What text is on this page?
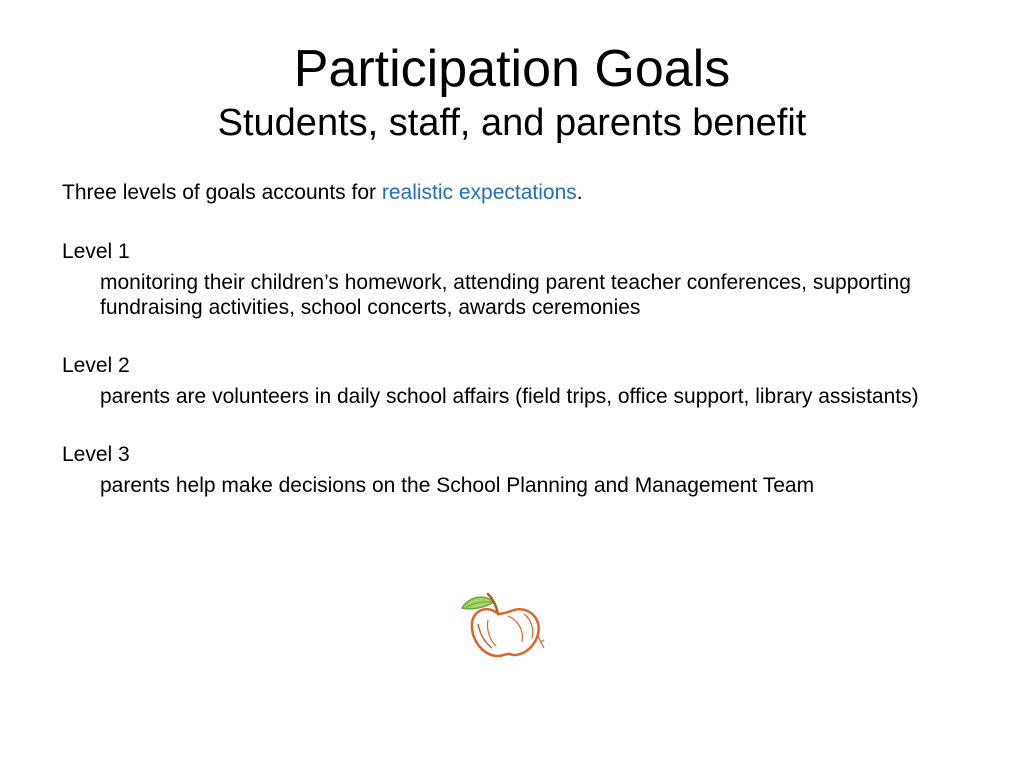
Participation Goals
Students, staff, and parents benefit

Three levels of goals accounts for realistic expectations.

Level 1

monitoring their children’s homework, attending parent teacher conferences, supporting fundraising activities, school concerts, awards ceremonies

Level 2

parents are volunteers in daily school affairs (field trips, office support, library assistants)

Level 3

parents help make decisions on the School Planning and Management Team
